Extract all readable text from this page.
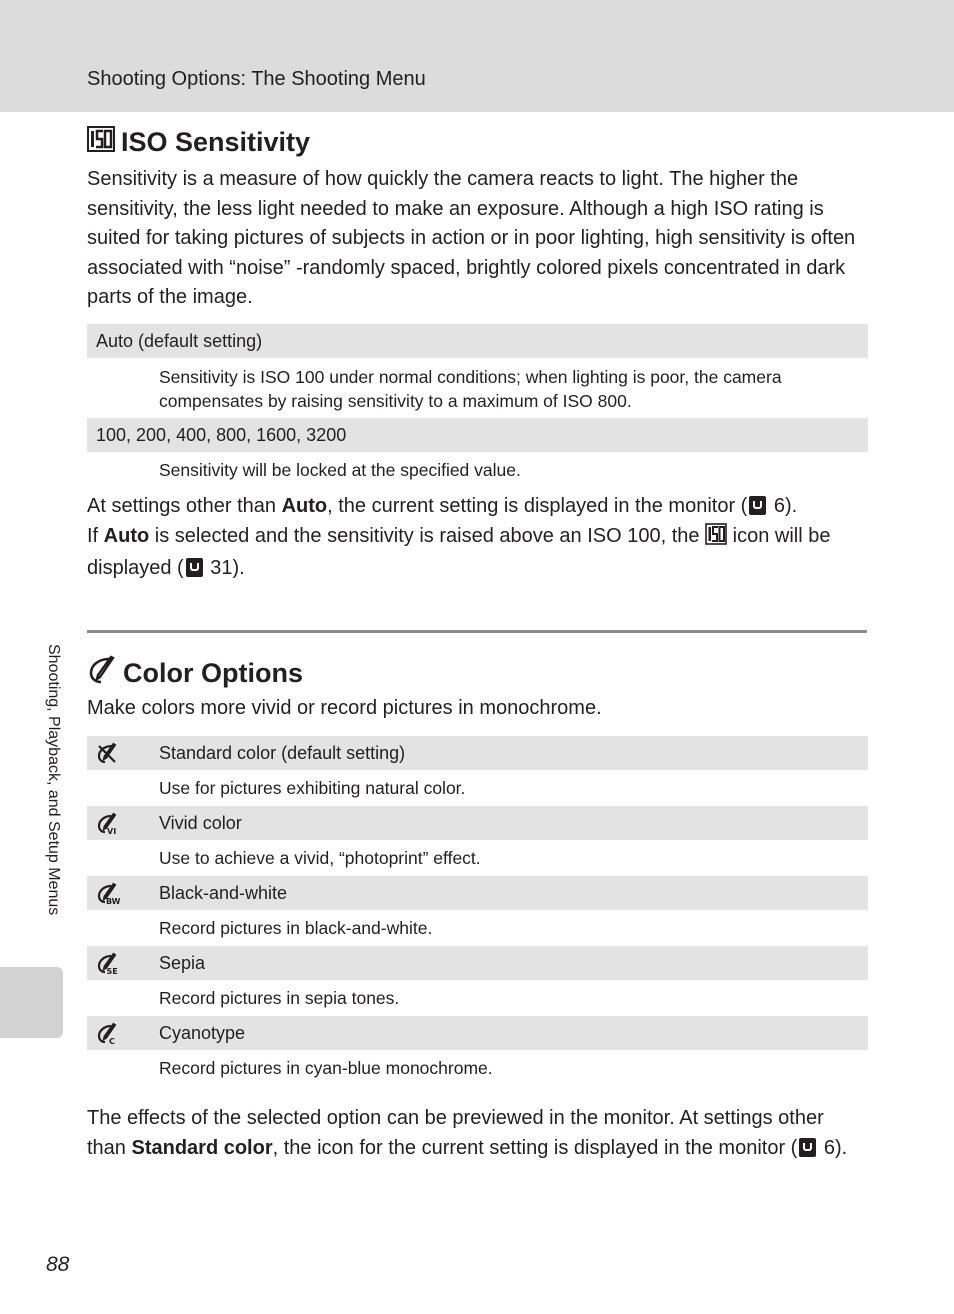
Shooting Options: The Shooting Menu
Shooting, Playback, and Setup Menus
ISO Sensitivity
Sensitivity is a measure of how quickly the camera reacts to light. The higher the sensitivity, the less light needed to make an exposure. Although a high ISO rating is suited for taking pictures of subjects in action or in poor lighting, high sensitivity is often associated with “noise” -randomly spaced, brightly colored pixels concentrated in dark parts of the image.
Auto (default setting)
Sensitivity is ISO 100 under normal conditions; when lighting is poor, the camera compensates by raising sensitivity to a maximum of ISO 800.
100, 200, 400, 800, 1600, 3200
Sensitivity will be locked at the specified value.
At settings other than Auto, the current setting is displayed in the monitor ( 6).
If Auto is selected and the sensitivity is raised above an ISO 100, the  icon will be displayed ( 31).
Color Options
Make colors more vivid or record pictures in monochrome.
Standard color (default setting)
Use for pictures exhibiting natural color.
VI Vivid color
Use to achieve a vivid, “photoprint” effect.
BW Black-and-white
Record pictures in black-and-white.
SE Sepia
Record pictures in sepia tones.
C Cyanotype
Record pictures in cyan-blue monochrome.
The effects of the selected option can be previewed in the monitor. At settings other than Standard color, the icon for the current setting is displayed in the monitor ( 6).
88
